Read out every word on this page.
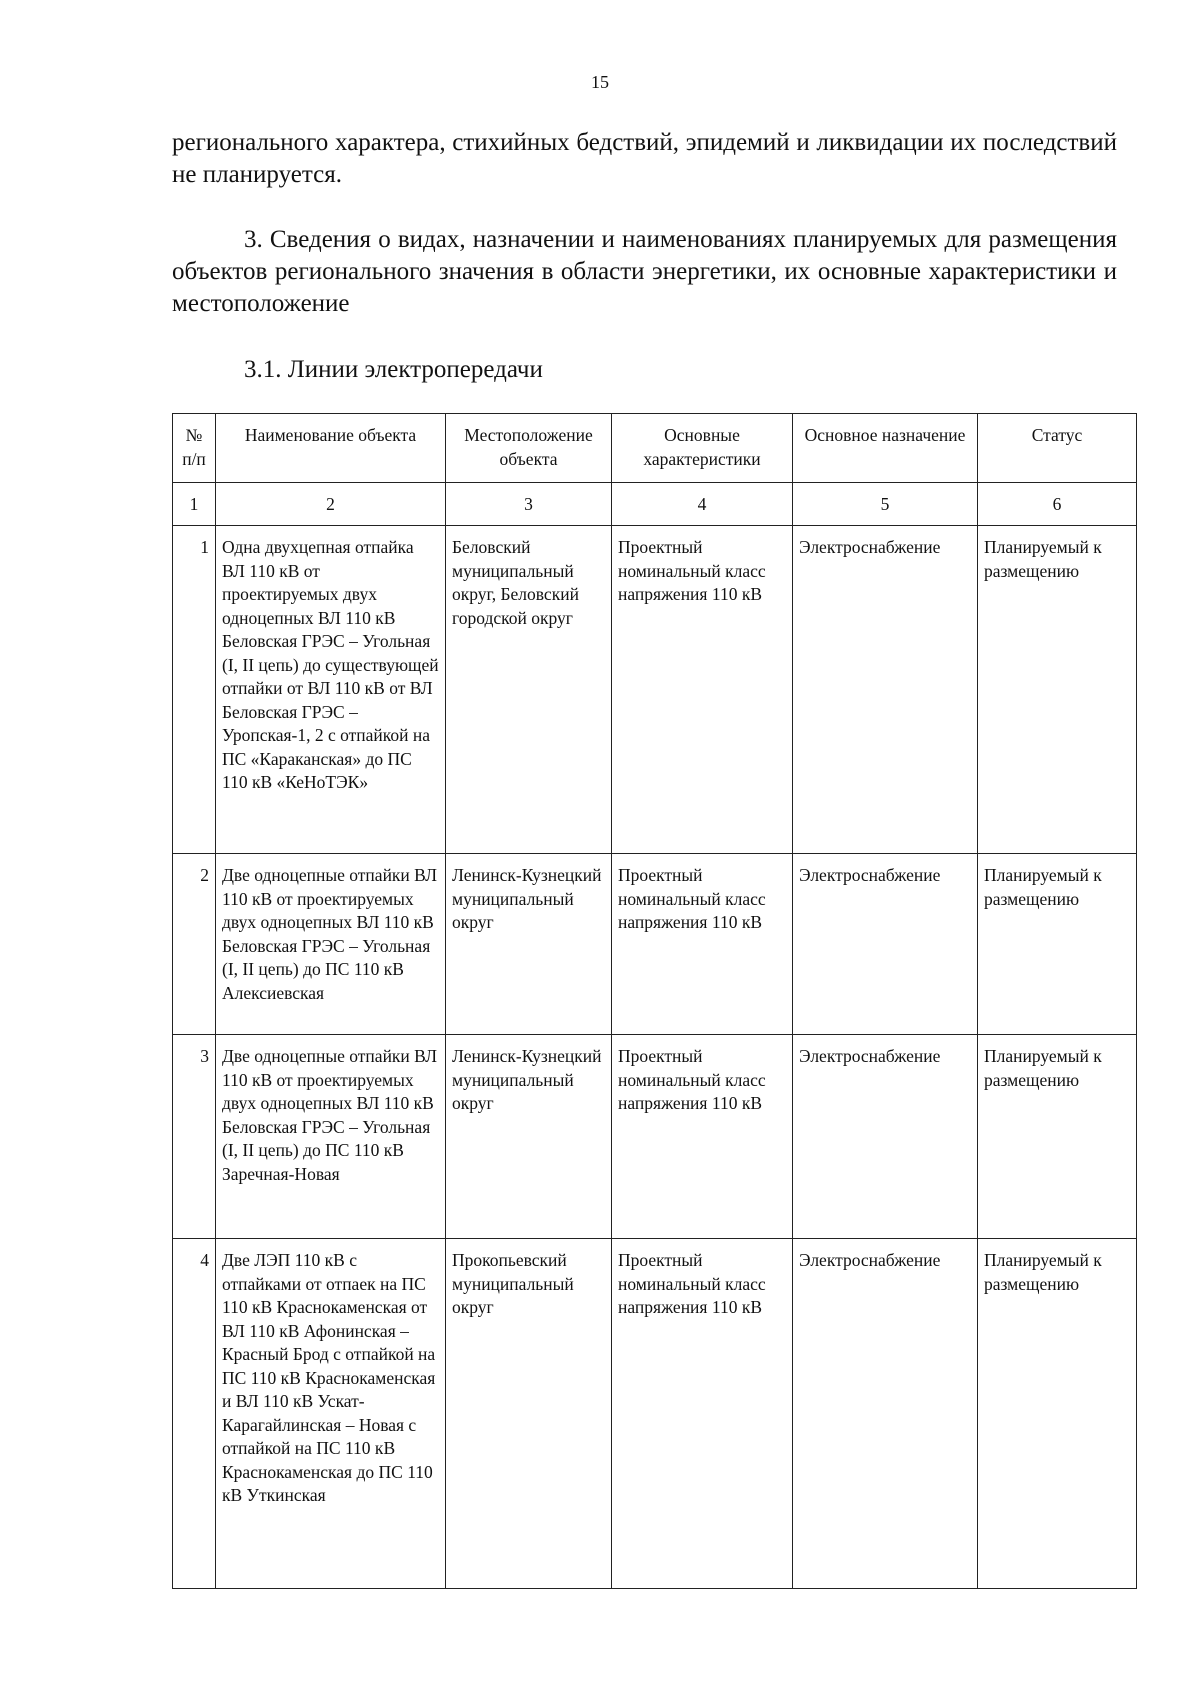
15

регионального характера, стихийных бедствий, эпидемий и ликвидации их последствий не планируется.

3. Сведения о видах, назначении и наименованиях планируемых для размещения объектов регионального значения в области энергетики, их основные характеристики и местоположение

3.1. Линии электропередачи
№ п/п	Наименование объекта	Местоположение объекта	Основные характеристики	Основное назначение	Статус
1	2	3	4	5	6
1	Одна двухцепная отпайка ВЛ 110 кВ от проектируемых двух одноцепных ВЛ 110 кВ Беловская ГРЭС – Угольная (I, II цепь) до существующей отпайки от ВЛ 110 кВ от ВЛ Беловская ГРЭС – Уропская-1, 2 с отпайкой на ПС «Караканская» до ПС 110 кВ «КеНоТЭК»	Беловский муниципальный округ, Беловский городской округ	Проектный номинальный класс напряжения 110 кВ	Электроснабжение	Планируемый к размещению
2	Две одноцепные отпайки ВЛ 110 кВ от проектируемых двух одноцепных ВЛ 110 кВ Беловская ГРЭС – Угольная (I, II цепь) до ПС 110 кВ Алексиевская	Ленинск-Кузнецкий муниципальный округ	Проектный номинальный класс напряжения 110 кВ	Электроснабжение	Планируемый к размещению
3	Две одноцепные отпайки ВЛ 110 кВ от проектируемых двух одноцепных ВЛ 110 кВ Беловская ГРЭС – Угольная (I, II цепь) до ПС 110 кВ Заречная-Новая	Ленинск-Кузнецкий муниципальный округ	Проектный номинальный класс напряжения 110 кВ	Электроснабжение	Планируемый к размещению
4	Две ЛЭП 110 кВ с отпайками от отпаек на ПС 110 кВ Краснокаменская от ВЛ 110 кВ Афонинская – Красный Брод с отпайкой на ПС 110 кВ Краснокаменская и ВЛ 110 кВ Ускат-Карагайлинская – Новая с отпайкой на ПС 110 кВ Краснокаменская до ПС 110 кВ Уткинская	Прокопьевский муниципальный округ	Проектный номинальный класс напряжения 110 кВ	Электроснабжение	Планируемый к размещению
